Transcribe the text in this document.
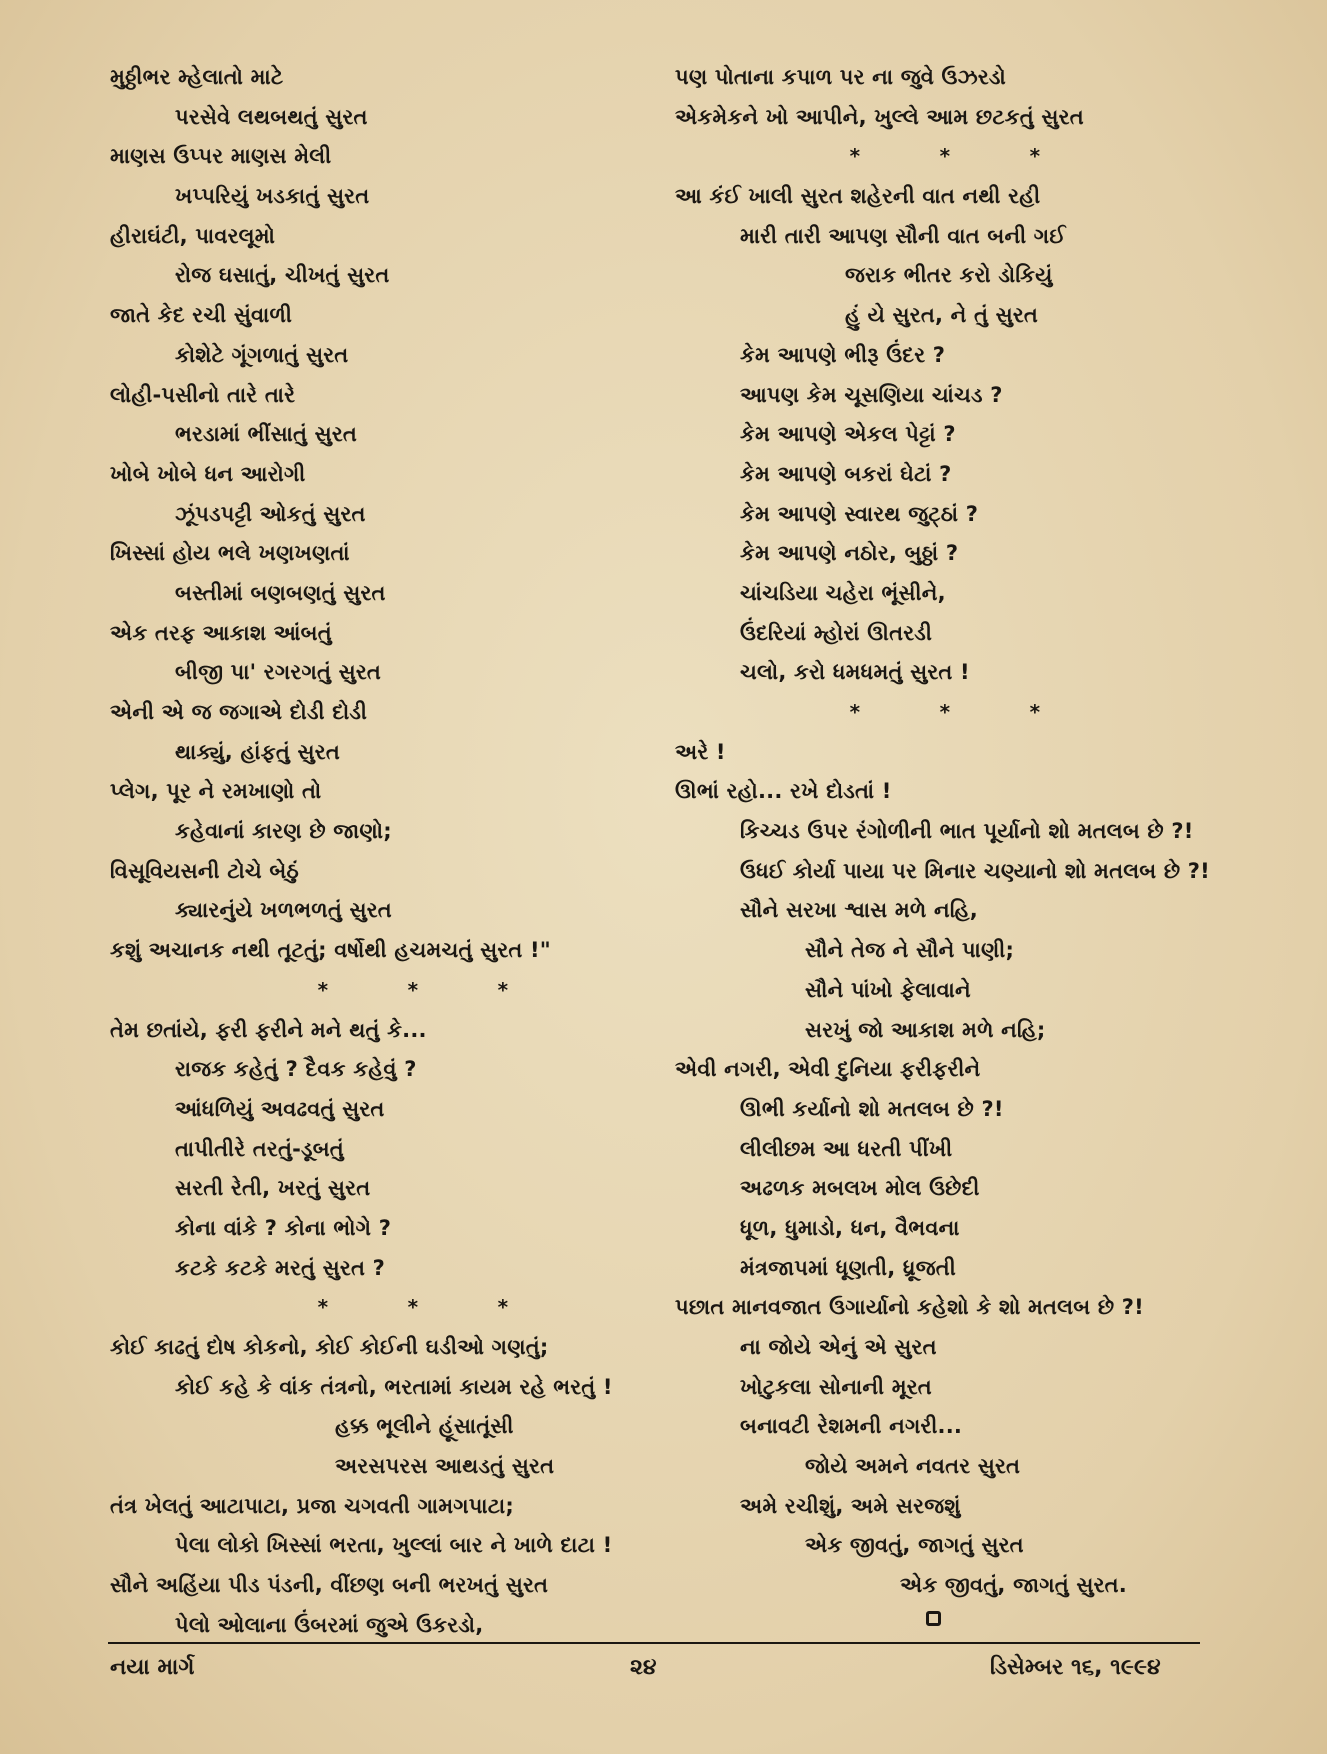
મુઠ્ઠીભર મ્હેલાતો માટે
પરસેવે લથબથતું સુરત
માણસ ઉપ્પર માણસ મેલી
ખપ્પરિયું ખડકાતું સુરત
હીરાઘંટી, પાવરલૂમો
રોજ ઘસાતું, ચીખતું સુરત
જાતે કેદ રચી સુંવાળી
કોશેટે ગૂંગળાતું સુરત
લોહી-પસીનો તારે તારે
ભરડામાં ભીંસાતું સુરત
ખોબે ખોબે ધન આરોગી
ઝૂંપડપટ્ટી ઓકતું સુરત
ખિસ્સાં હોય ભલે ખણખણતાં
બસ્તીમાં બણબણતું સુરત
એક તરફ આકાશ આંબતું
બીજી પા' રગરગતું સુરત
એની એ જ જગાએ દોડી દોડી
થાક્યું, હાંફતું સુરત
પ્લેગ, પૂર ને રમખાણો તો
કહેવાનાં કારણ છે જાણો;
વિસૂવિયસની ટોચે બેઠું
ક્યારનુંયે ખળભળતું સુરત
કશું અચાનક નથી તૂટતું; વર્ષોથી હચમચતું સુરત !"
*	*	*
તેમ છતાંયે, ફરી ફરીને મને થતું કે...
રાજક કહેતું ? દૈવક કહેવું ?
આંધળિયું અવઢવતું સુરત
તાપીતીરે તરતું-ડૂબતું
સરતી રેતી, ખરતું સુરત
કોના વાંકે ? કોના ભોગે ?
કટકે કટકે મરતું સુરત ?
*	*	*
કોઈ કાઢતું દોષ કોકનો, કોઈ કોઈની ઘડીઓ ગણતું;
કોઈ કહે કે વાંક તંત્રનો, ભરતામાં કાયમ રહે ભરતું !
હક્ક ભૂલીને હૂંસાતૂંસી
અરસપરસ આથડતું સુરત
તંત્ર ખેલતું આટાપાટા, પ્રજા ચગવતી ગામગપાટા;
પેલા લોકો ખિસ્સાં ભરતા, ખુલ્લાં બાર ને ખાળે દાટા !
સૌને અહિંયા પીડ પંડની, વીંછણ બની ભરખતું સુરત
પેલો ઓલાના ઉંબરમાં જુએ ઉકરડો,
પણ પોતાના કપાળ પર ના જુવે ઉઝરડો
એકમેકને ખો આપીને, ખુલ્લે આમ છટકતું સુરત
*	*	*
આ કંઈ ખાલી સુરત શહેરની વાત નથી રહી
મારી તારી આપણ સૌની વાત બની ગઈ
જરાક ભીતર કરો ડોકિયું
હું યે સુરત, ને તું સુરત
કેમ આપણે ભીરૂ ઉંદર ?
આપણ કેમ ચૂસણિયા ચાંચડ ?
કેમ આપણે એકલ પેટ્ટાં ?
કેમ આપણે બકરાં ઘેટાં ?
કેમ આપણે સ્વારથ જુટ્ઠાં ?
કેમ આપણે નઠોર, બુઠ્ઠાં ?
ચાંચડિયા ચહેરા ભૂંસીને,
ઉંદરિયાં મ્હોરાં ઊતરડી
ચલો, કરો ધમધમતું સુરત !
*	*	*
અરે !
ઊભાં રહો... રખે દોડતાં !
કિચ્ચડ ઉપર રંગોળીની ભાત પૂર્યાનો શો મતલબ છે ?!
ઉધઈ કોર્યા પાયા પર મિનાર ચણ્યાનો શો મતલબ છે ?!
સૌને સરખા શ્વાસ મળે નહિ,
સૌને તેજ ને સૌને પાણી;
સૌને પાંખો ફેલાવાને
સરખું જો આકાશ મળે નહિ;
એવી નગરી, એવી દુનિયા ફરીફરીને
ઊભી કર્યાનો શો મતલબ છે ?!
લીલીછમ આ ધરતી પીંખી
અઢળક મબલખ મોલ ઉછેદી
ધૂળ, ધુમાડો, ધન, વૈભવના
મંત્રજાપમાં ધૂણતી, ધ્રૂજતી
પછાત માનવજાત ઉગાર્યાનો કહેશો કે શો મતલબ છે ?!
ના જોયે એનું એ સુરત
ખોટુકલા સોનાની મૂરત
બનાવટી રેશમની નગરી...
જોયે અમને નવતર સુરત
અમે રચીશું, અમે સરજશું
એક જીવતું, જાગતું સુરત
એક જીવતું, જાગતું સુરત.
નયા માર્ગ	૨૪	ડિસેમ્બર ૧૬, ૧૯૯૪
